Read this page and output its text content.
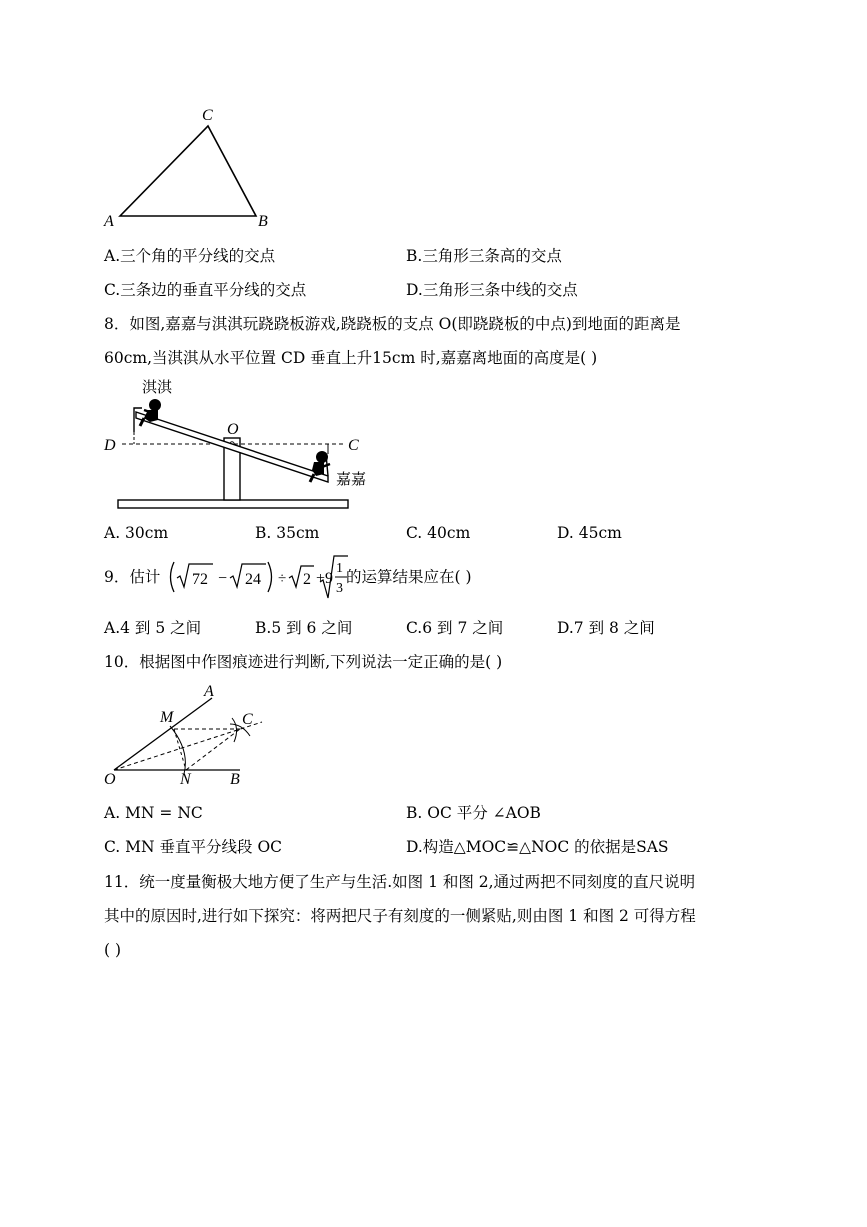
C
A	B
A.三个角的平分线的交点	B.三角形三条高的交点
C.三条边的垂直平分线的交点	D.三角形三条中线的交点
8．如图,嘉嘉与淇淇玩跷跷板游戏,跷跷板的支点 O(即跷跷板的中点)到地面的距离是
60cm,当淇淇从水平位置 CD 垂直上升15cm 时,嘉嘉离地面的高度是( )
淇淇
嘉嘉
D
O
C
A. 30cm	B. 35cm	C. 40cm	D. 45cm
9．估计 72 − 24 ÷ 2 +9
1
3
的运算结果应在( )
A.4 到 5 之间	B.5 到 6 之间	C.6 到 7 之间	D.7 到 8 之间
10．根据图中作图痕迹进行判断,下列说法一定正确的是( )
A
M	C
O	N B
A. MN = NC	B. OC 平分 ∠AOB
C. MN 垂直平分线段 OC	D.构造△MOC≌△NOC 的依据是SAS
11．统一度量衡极大地方便了生产与生活.如图 1 和图 2,通过两把不同刻度的直尺说明
其中的原因时,进行如下探究：将两把尺子有刻度的一侧紧贴,则由图 1 和图 2 可得方程
( )
